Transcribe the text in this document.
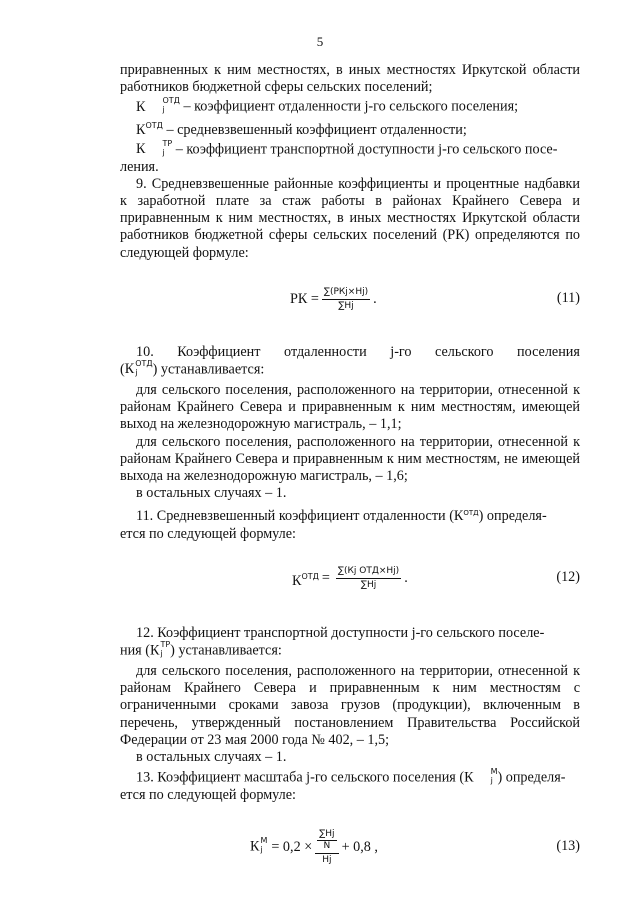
5

приравненных к ним местностях, в иных местностях Иркутской области

работников бюджетной сферы сельских поселений;

К	ОТД
j	– коэффициент отдаленности j-го сельского поселения;

$К^{ОТД}$ – средневзвешенный коэффициент отдаленности;

К	ТР
j – коэффициент транспортной доступности j-го сельского посе-

ления.

9. Средневзвешенные районные коэффициенты и процентные надбавки к заработной плате за стаж работы в районах Крайнего Севера и приравненным к ним местностях, в иных местностях Иркутской области работников бюджетной сферы сельских поселений (РК) определяются по следующей формуле:

РК = $\frac{\text{∑(РКj×Нj)}}{\sum Нj}$ .	(11)
10. Коэффициент отдаленности j-го сельского поселения

(К ОТД
j	) устанавливается:

для сельского поселения, расположенного на территории, отнесенной к районам Крайнего Севера и приравненным к ним местностям, имеющей выход на железнодорожную магистраль, – 1,1;

для сельского поселения, расположенного на территории, отнесенной к районам Крайнего Севера и приравненным к ним местностям, не имеющей выхода на железнодорожную магистраль, – 1,6;

в остальных случаях – 1.

11. Средневзвешенный коэффициент отдаленности $(К^{ОТД})$ определя-

ется по следующей формуле:

$К^{ОТД} = \frac{\text{∑(Кj ОТД×Нj)}}{\sum Нj}$ .	(12)

12. Коэффициент транспортной доступности j-го сельского поселе-

ния (К ТР
j ) устанавливается:

для сельского поселения, расположенного на территории, отнесенной к районам Крайнего Севера и приравненным к ним местностям с ограниченными сроками завоза грузов (продукции), включенным в перечень, утвержденный постановлением Правительства Российской Федерации от 23 мая 2000 года № 402, – 1,5;

в остальных случаях – 1.

13. Коэффициент масштаба j-го сельского поселения (К	М
j ) определя-

ется по следующей формуле:

К М
j = 0,2 × ∑Нj
N
Нj + 0,8 ,	(13)
